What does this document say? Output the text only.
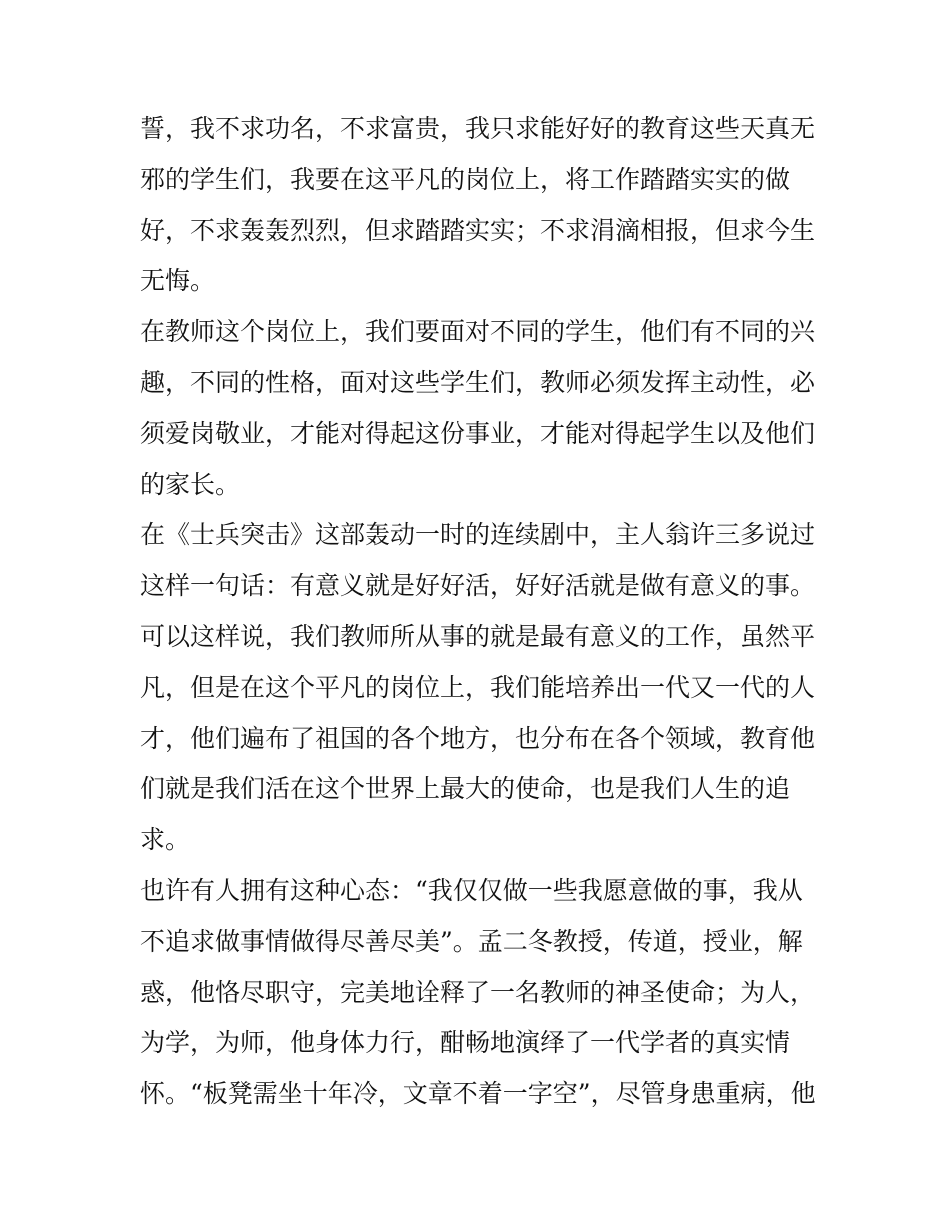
誓，我不求功名，不求富贵，我只求能好好的教育这些天真无
邪的学生们，我要在这平凡的岗位上，将工作踏踏实实的做
好，不求轰轰烈烈，但求踏踏实实；不求涓滴相报，但求今生
无悔。
在教师这个岗位上，我们要面对不同的学生，他们有不同的兴
趣，不同的性格，面对这些学生们，教师必须发挥主动性，必
须爱岗敬业，才能对得起这份事业，才能对得起学生以及他们
的家长。
在《士兵突击》这部轰动一时的连续剧中，主人翁许三多说过
这样一句话：有意义就是好好活，好好活就是做有意义的事。
可以这样说，我们教师所从事的就是最有意义的工作，虽然平
凡，但是在这个平凡的岗位上，我们能培养出一代又一代的人
才，他们遍布了祖国的各个地方，也分布在各个领域，教育他
们就是我们活在这个世界上最大的使命，也是我们人生的追
求。
也许有人拥有这种心态：“我仅仅做一些我愿意做的事，我从
不追求做事情做得尽善尽美”。孟二冬教授，传道，授业，解
惑，他恪尽职守，完美地诠释了一名教师的神圣使命；为人，
为学，为师，他身体力行，酣畅地演绎了一代学者的真实情
怀。“板凳需坐十年冷，文章不着一字空”，尽管身患重病，他
